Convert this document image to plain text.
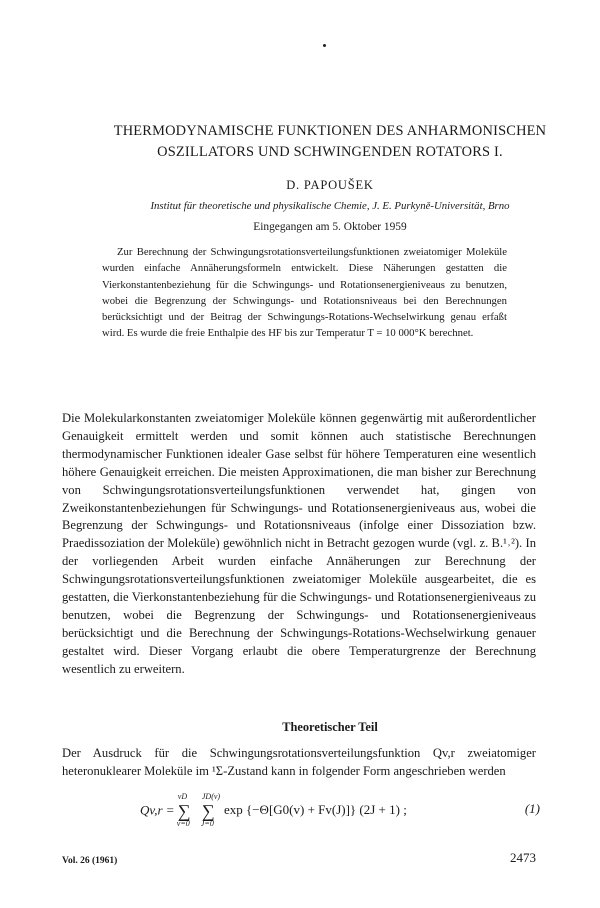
THERMODYNAMISCHE FUNKTIONEN DES ANHARMONISCHEN
OSZILLATORS UND SCHWINGENDEN ROTATORS I.
D. PAPOUŠEK
Institut für theoretische und physikalische Chemie, J. E. Purkyně-Universität, Brno
Eingegangen am 5. Oktober 1959

Zur Berechnung der Schwingungsrotationsverteilungsfunktionen zweiatomiger Moleküle wurden einfache Annäherungsformeln entwickelt. Diese Näherungen gestatten die Vierkonstantenbeziehung für die Schwingungs- und Rotationsenergieniveaus zu benutzen, wobei die Begrenzung der Schwingungs- und Rotationsniveaus bei den Berechnungen berücksichtigt und der Beitrag der Schwingungs-Rotations-Wechselwirkung genau erfaßt wird. Es wurde die freie Enthalpie des HF bis zur Temperatur T = 10 000°K berechnet.

Die Molekularkonstanten zweiatomiger Moleküle können gegenwärtig mit außerordentlicher Genauigkeit ermittelt werden und somit können auch statistische Berechnungen thermodynamischer Funktionen idealer Gase selbst für höhere Temperaturen eine wesentlich höhere Genauigkeit erreichen. Die meisten Approximationen, die man bisher zur Berechnung von Schwingungsrotationsverteilungsfunktionen verwendet hat, gingen von Zweikonstantenbeziehungen für Schwingungs- und Rotationsenergieniveaus aus, wobei die Begrenzung der Schwingungs- und Rotationsniveaus (infolge einer Dissoziation bzw. Praedissoziation der Moleküle) gewöhnlich nicht in Betracht gezogen wurde (vgl. z. B.¹˒²). In der vorliegenden Arbeit wurden einfache Annäherungen zur Berechnung der Schwingungsrotationsverteilungsfunktionen zweiatomiger Moleküle ausgearbeitet, die es gestatten, die Vierkonstantenbeziehung für die Schwingungs- und Rotationsenergieniveaus zu benutzen, wobei die Begrenzung der Schwingungs- und Rotationsenergieniveaus berücksichtigt und die Berechnung der Schwingungs-Rotations-Wechselwirkung genauer gestaltet wird. Dieser Vorgang erlaubt die obere Temperaturgrenze der Berechnung wesentlich zu erweitern.

Theoretischer Teil

Der Ausdruck für die Schwingungsrotationsverteilungsfunktion Qv,r zweiatomiger heteronuklearer Moleküle im ¹Σ-Zustand kann in folgender Form angeschrieben werden

Qv,r =
vD
∑
v=0

JD(v)
∑
J=0
exp {−Θ[G0(v) + Fv(J)]} (2J + 1) ;	(1)
Vol. 26 (1961)	2473
